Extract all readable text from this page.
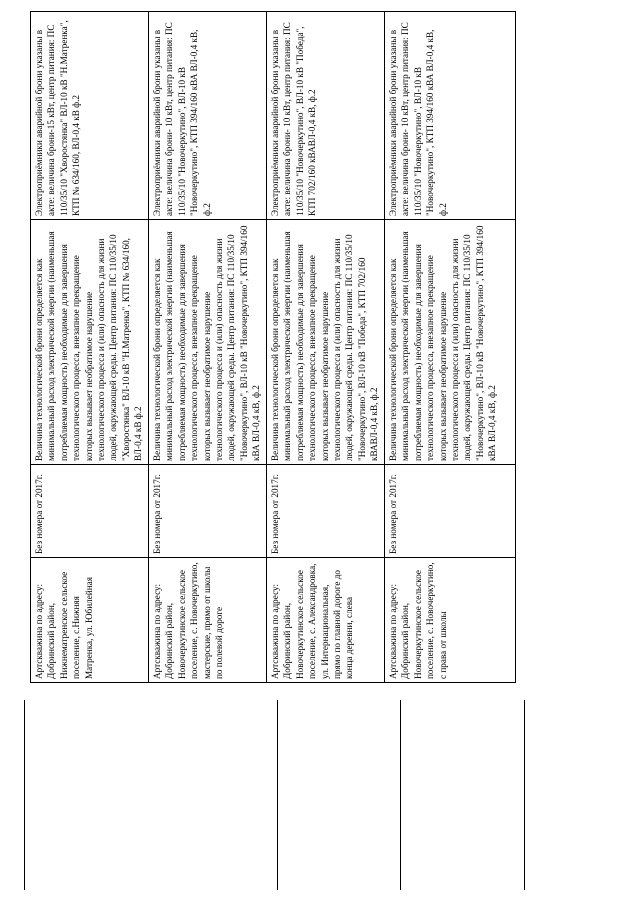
Артскважина по адресу: Добринский район, Нижнематренское сельское поселение, с.Нижняя Матренка, ул. Юбилейная	Без номера от 2017г.	Величина технологической брони определяется как минимальный расход электрической энергии (наименьшая потребляемая мощность) необходимые для завершения технологического процесса, внезапное прекращение которых вызывает необратимое нарушение технологического процесса и (или) опасность для жизни людей, окружающей среды. Центр питания: ПС 110/35/10 "Хворостянка" ВЛ-10 кВ "Н.Матренка", КТП № 634/160, ВЛ-0,4 кВ ф.2	Электроприёмники аварийной брони указаны в акте: величина брони-15 кВт, центр питания: ПС 110/35/10 "Хворостянка" ВЛ-10 кВ "Н.Матренка", КТП № 634/160, ВЛ-0,4 кВ ф.2
Артскважина по адресу: Добринский район, Новочеркутинское сельское поселение, с. Новочеркутино, мастерские, прямо от школы по полевой дороге	Без номера от 2017г.	Величина технологической брони определяется как минимальный расход электрической энергии (наименьшая потребляемая мощность) необходимые для завершения технологического процесса, внезапное прекращение которых вызывает необратимое нарушение технологического процесса и (или) опасность для жизни людей, окружающей среды. Центр питания: ПС 110/35/10 "Новочеркутино", ВЛ-10 кВ "Новочеркутино", КТП 394/160 кВА ВЛ-0,4 кВ, ф.2	Электроприёмники аварийной брони указаны в акте: величина брони- 10 кВт, центр питания: ПС 110/35/10 "Новочеркутино", ВЛ-10 кВ "Новочеркутино", КТП 394/160 кВА ВЛ-0,4 кВ, ф.2
Артскважина по адресу: Добринский район, Новочеркутинское сельское поселение, с. Александровка, ул. Интернациональная, прямо по главной дороге до конца деревни, слева	Без номера от 2017г.	Величина технологической брони определяется как минимальный расход электрической энергии (наименьшая потребляемая мощность) необходимые для завершения технологического процесса, внезапное прекращение которых вызывает необратимое нарушение технологического процесса и (или) опасность для жизни людей, окружающей среды. Центр питания: ПС 110/35/10 "Новочеркутино", ВЛ-10 кВ "Победа", КТП 702/160 кВАВЛ-0,4 кВ, ф.2	Электроприёмники аварийной брони указаны в акте: величина брони- 10 кВт, центр питания: ПС 110/35/10 "Новочеркутино", ВЛ-10 кВ "Победа", КТП 702/160 кВАВЛ-0,4 кВ, ф.2
Артскважина по адресу: Добринский район, Новочеркутинское сельское поселение, с. Новочеркутино, с права от школы	Без номера от 2017г.	Величина технологической брони определяется как минимальный расход электрической энергии (наименьшая потребляемая мощность) необходимые для завершения технологического процесса, внезапное прекращение которых вызывает необратимое нарушение технологического процесса и (или) опасность для жизни людей, окружающей среды. Центр питания: ПС 110/35/10 "Новочеркутино", ВЛ-10 кВ "Новочеркутино", КТП 394/160 кВА ВЛ-0,4 кВ, ф.2	Электроприёмники аварийной брони указаны в акте: величина брони- 10 кВт, центр питания: ПС 110/35/10 "Новочеркутино", ВЛ-10 кВ "Новочеркутино", КТП 394/160 кВА ВЛ-0,4 кВ, ф.2
